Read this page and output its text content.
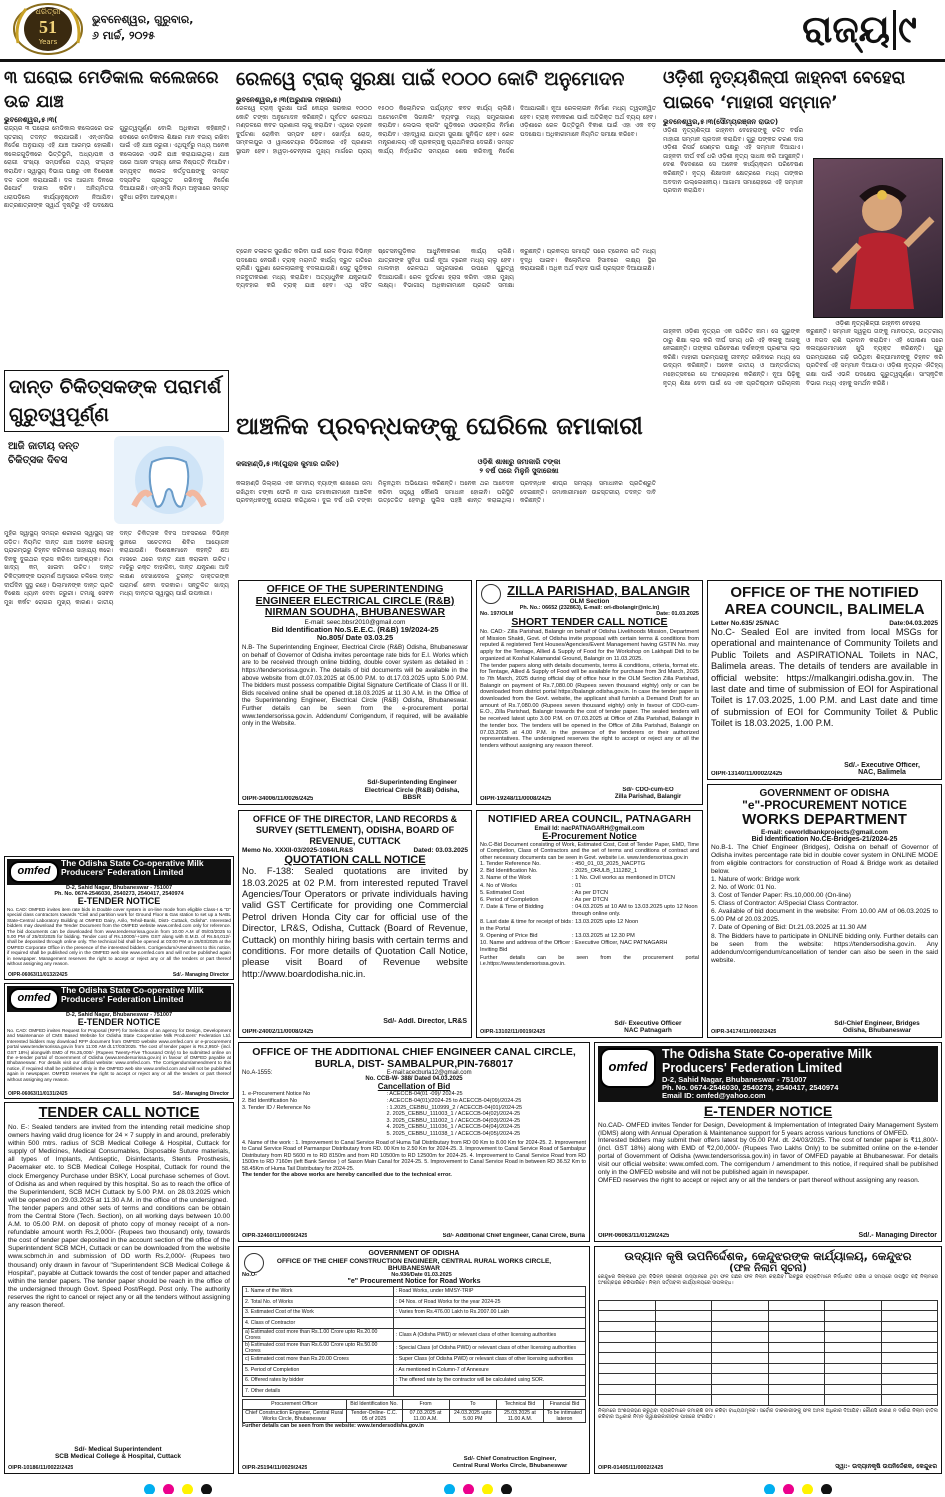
ଧରିତ୍ରୀ
51
Years
ଭୁବନେଶ୍ୱର, ଗୁରୁବାର,
୬ ମାର୍ଚ୍ଚ, ୨୦୨୫	ରାଜ୍ୟ ୯
୩ ଘରୋଇ ମେଡିକାଲ କଲେଜରେ ଉଚ୍ଚ ଯାଞ୍ଚ
ଭୁବନେଶ୍ୱର,୫।୩(
ରାଜ୍ୟର ୩ ଘରୋଇ ମେଡିକାଲ କଲେଜରେ ଉଚ୍ଚ ସ୍ତରୀୟ ତଦନ୍ତ କରାଯାଉଛି। ଏନ୍ଏମସିର ନିର୍ଦ୍ଦେଶ ଅନୁଯାୟୀ ଏହି ଯାଞ୍ଚ ଆରମ୍ଭ ହୋଇଛି। କଲେଜଗୁଡ଼ିକରେ ଭିତ୍ତିଭୂମି, ଅଧ୍ୟାପକ ଓ ରୋଗୀ ସଂଖ୍ୟା ସମ୍ପର୍କରେ ତଥ୍ୟ ସଂଗ୍ରହ କରାଯିବ। ସ୍ୱାସ୍ଥ୍ୟ ବିଭାଗ ପକ୍ଷରୁ ଏକ ବିଶେଷଜ୍ଞ ଦଳ ଗଠନ କରାଯାଇଛି। ଦଳ ଆଗାମୀ ଦିନରେ ରିପୋର୍ଟ ଦାଖଲ କରିବ। ଅନିୟମିତତା ଧରାପଡ଼ିଲେ କାର୍ଯ୍ୟାନୁଷ୍ଠାନ ନିଆଯିବ। ଛାତ୍ରଛାତ୍ରୀଙ୍କ ସ୍ୱାର୍ଥ ଦୃଷ୍ଟିରୁ ଏହି ପଦକ୍ଷେପ ଗୁରୁତ୍ୱପୂର୍ଣ୍ଣ ବୋଲି ଅଧିକାରୀ କହିଛନ୍ତି। ଦେଶରେ ମେଡିକାଲ ଶିକ୍ଷାର ମାନ ବଜାୟ ରଖିବା ପାଇଁ ଏହି ଯାଞ୍ଚ ଜରୁରୀ। ଏଥିପୂର୍ବରୁ ମଧ୍ୟ ଅନେକ କଲେଜରେ ଏଭଳି ଯାଞ୍ଚ କରାଯାଇଥିଲା। ଯାଞ୍ଚ ପରେ ଆସନ ସଂଖ୍ୟା ନେଇ ନିଷ୍ପତ୍ତି ନିଆଯିବ। ସମ୍ପୃକ୍ତ କଲେଜ କର୍ତ୍ତୃପକ୍ଷଙ୍କୁ ସମସ୍ତ ଦସ୍ତାବିଜ ପ୍ରସ୍ତୁତ ରଖିବାକୁ ନିର୍ଦ୍ଦେଶ ଦିଆଯାଇଛି। ଏନ୍ଏମସି ନିୟମ ଅନୁସାରେ ସମସ୍ତ ସୁବିଧା ରହିବା ଆବଶ୍ୟକ।
ରେଳୱେ ଟ୍ରାକ୍ ସୁରକ୍ଷା ପାଇଁ ୧୦୦୦ କୋଟି ଅନୁମୋଦନ
ଭୁବନେଶ୍ୱର,୫।୩(ଅରୁଣାଭ ମହାରଣା)
ରେଳୱେ ଟ୍ରାକ୍ ସୁରକ୍ଷା ପାଇଁ କେନ୍ଦ୍ର ସରକାର ୧୦୦୦ କୋଟି ଟଙ୍କା ଅନୁମୋଦନ କରିଛନ୍ତି। ପୂର୍ବତଟ ରେଳପଥ ମଣ୍ଡଳରେ କବଚ ପ୍ରଣାଳୀ ଲାଗୁ କରାଯିବ। ଏଥିରେ ଟ୍ରେନ ଦୁର୍ଘଟଣା ରୋକିବା ସମ୍ଭବ ହେବ। ଖୋର୍ଦ୍ଧା ରୋଡ୍, ସମ୍ବଲପୁର ଓ ୱାଲଟେୟାର ଡିଭିଜନରେ ଏହି ପ୍ରଣାଳୀ ସ୍ଥାପନ ହେବ। ହାୱଡ଼ା-ଚେନ୍ନାଇ ମୁଖ୍ୟ ମାର୍ଗରେ ପ୍ରାୟ ୧୫୦୦ କିଲୋମିଟର ପର୍ଯ୍ୟନ୍ତ କବଚ କାର୍ଯ୍ୟ ଚାଲିଛି। ଅଟୋମେଟିକ ସିଗନାଲିଂ ବ୍ୟବସ୍ଥା ମଧ୍ୟ ସମ୍ପ୍ରସାରଣ କରାଯିବ। ଲେଭଲ କ୍ରସିଂ ଗୁଡ଼ିକରେ ଓଭରବ୍ରିଜ ନିର୍ମାଣ କରାଯିବ। ଏହାଦ୍ୱାରା ଯାତ୍ରୀ ସୁରକ୍ଷା ସୁନିଶ୍ଚିତ ହେବ। ରେଳ ମନ୍ତ୍ରଣାଳୟ ଏହି ପ୍ରକଳ୍ପକୁ ପ୍ରାଥମିକତା ଦେଇଛି। ସମସ୍ତ କାର୍ଯ୍ୟ ନିର୍ଦ୍ଧାରିତ ସମୟରେ ଶେଷ କରିବାକୁ ନିର୍ଦ୍ଦେଶ ଦିଆଯାଇଛି। ନୂଆ ରେଳଲାଇନ ନିର୍ମାଣ ମଧ୍ୟ ତ୍ୱରାନ୍ୱିତ ହେବ। ଟ୍ରାକ୍ ନବୀକରଣ ପାଇଁ ଅତିରିକ୍ତ ଅର୍ଥ ବ୍ୟୟ ହେବ। ଓଡ଼ିଶାରେ ରେଳ ଭିତ୍ତିଭୂମି ବିକାଶ ପାଇଁ ଏହା ଏକ ବଡ଼ ପଦକ୍ଷେପ। ଅଧିକାରୀମାନେ ନିୟମିତ ସମୀକ୍ଷା କରିବେ।
ଓଡ଼ିଶୀ ନୃତ୍ୟଶିଳ୍ପୀ ଜାହ୍ନବୀ ବେହେରା ପାଇବେ ‘ମାହାରୀ ସମ୍ମାନ’
ଭୁବନେଶ୍ୱର,୫।୩(ସୌମ୍ୟରଞ୍ଜନ ରାଉତ)
ଓଡ଼ିଶୀ ନୃତ୍ୟଶିଳ୍ପୀ ଜାହ୍ନବୀ ବେହେରାଙ୍କୁ ଚଳିତ ବର୍ଷର ମାହାରୀ ସମ୍ମାନ ପ୍ରଦାନ କରାଯିବ। ଗୁରୁ ପଙ୍କଜ ଚରଣ ଦାସ ଓଡ଼ିଶୀ ରିସର୍ଚ୍ଚ ସେଣ୍ଟର ପକ୍ଷରୁ ଏହି ସମ୍ମାନ ଦିଆଯାଏ। ଜାହ୍ନବୀ ଦୀର୍ଘ ବର୍ଷ ଧରି ଓଡ଼ିଶୀ ନୃତ୍ୟ ସାଧନା କରି ଆସୁଛନ୍ତି। ଦେଶ ବିଦେଶରେ ସେ ଅନେକ କାର୍ଯ୍ୟକ୍ରମ ପରିବେଷଣ କରିଛନ୍ତି। ନୃତ୍ୟ ଶିକ୍ଷାଦାନ କ୍ଷେତ୍ରରେ ମଧ୍ୟ ତାଙ୍କର ଅବଦାନ ଉଲ୍ଲେଖନୀୟ। ଆଗାମୀ ସମାରୋହରେ ଏହି ସମ୍ମାନ ପ୍ରଦାନ କରାଯିବ।
ଓଡ଼ିଶୀ ନୃତ୍ୟଶିଳ୍ପୀ ଜାହ୍ନବୀ ବେହେରା
ଜାହ୍ନବୀ ଓଡ଼ିଶୀ ନୃତ୍ୟର ଏକ ପରିଚିତ ନାମ। ସେ ଗୁରୁଙ୍କ ଠାରୁ ଶିକ୍ଷା ଲାଭ କରି ଦୀର୍ଘ ସମୟ ଧରି ଏହି କଳାକୁ ଆଗକୁ ନେଇଛନ୍ତି। ତାଙ୍କର ପରିବେଷଣ ଦର୍ଶକଙ୍କ ପ୍ରଶଂସା ଲାଭ କରିଛି। ମାହାରୀ ପରମ୍ପରାକୁ ଜୀବନ୍ତ ରଖିବାରେ ମଧ୍ୟ ସେ ଉଦ୍ୟମ କରିଛନ୍ତି। ଅନେକ ଜାତୀୟ ଓ ଆନ୍ତର୍ଜାତୀୟ ମହୋତ୍ସବରେ ସେ ଅଂଶଗ୍ରହଣ କରିଛନ୍ତି। ନୂଆ ପିଢ଼ିକୁ ନୃତ୍ୟ ଶିକ୍ଷା ଦେବା ପାଇଁ ସେ ଏକ ପ୍ରତିଷ୍ଠାନ ପରିଚାଳନା କରୁଛନ୍ତି। ସମ୍ମାନ ସ୍ୱରୂପ ତାଙ୍କୁ ମାନପତ୍ର, ଉତ୍ତରୀୟ ଓ ନଗଦ ରାଶି ପ୍ରଦାନ କରାଯିବ। ଏହି ଘୋଷଣା ପରେ କଳାପ୍ରେମୀମାନେ ଖୁସି ବ୍ୟକ୍ତ କରିଛନ୍ତି। ଗୁରୁ ପରମ୍ପରାରେ ଗଢ଼ି ଉଠିଥିବା ଶିଳ୍ପୀମାନଙ୍କୁ ଚିହ୍ନଟ କରି ପ୍ରତିବର୍ଷ ଏହି ସମ୍ମାନ ଦିଆଯାଏ। ଓଡ଼ିଶୀ ନୃତ୍ୟର ଐତିହ୍ୟ ରକ୍ଷା ପାଇଁ ଏଭଳି ପଦକ୍ଷେପ ଗୁରୁତ୍ୱପୂର୍ଣ୍ଣ। ସାଂସ୍କୃତିକ ବିଭାଗ ମଧ୍ୟ ଏହାକୁ ସମର୍ଥନ କରିଛି।
ଦାନ୍ତ ଚିକିତ୍ସକଙ୍କ ପରାମର୍ଶ ଗୁରୁତ୍ୱପୂର୍ଣ୍ଣ
ଆଜି ଜାତୀୟ ଦନ୍ତ ଚିକିତ୍ସକ ଦିବସ
ମୁହଁର ସ୍ୱାସ୍ଥ୍ୟ ସମଗ୍ର ଶରୀରର ସ୍ୱାସ୍ଥ୍ୟ ସହ ଜଡ଼ିତ। ନିୟମିତ ଦାନ୍ତ ଯାଞ୍ଚ ଅନେକ ରୋଗକୁ ପ୍ରାରମ୍ଭରୁ ଚିହ୍ନଟ କରିବାରେ ସାହାଯ୍ୟ କରେ। ଦିନକୁ ଦୁଇଥର ବ୍ରସ କରିବା ଆବଶ୍ୟକ। ମିଠା ଖାଦ୍ୟ କମ୍ ଖାଇବା ଉଚିତ। ଦାନ୍ତ ଚିକିତ୍ସକଙ୍କ ପରାମର୍ଶ ଅନୁସାରେ ଚଳିଲେ ଦାନ୍ତ ଦୀର୍ଘଦିନ ସୁସ୍ଥ ରହେ। ପିଲାମାନଙ୍କ ଦାନ୍ତ ପ୍ରତି ବିଶେଷ ଧ୍ୟାନ ଦେବା ଜରୁରୀ। ତମାଖୁ ସେବନ ମୁଖ କର୍କଟ ରୋଗର ମୁଖ୍ୟ କାରଣ। ଜାତୀୟ ଦନ୍ତ ଚିକିତ୍ସକ ଦିବସ ଅବସରରେ ବିଭିନ୍ନ ସ୍ଥାନରେ ସଚେତନତା ଶିବିର ଆୟୋଜନ କରାଯାଉଛି। ବିଶେଷଜ୍ଞମାନେ କହନ୍ତି ଛଅ ମାସରେ ଥରେ ଦାନ୍ତ ଯାଞ୍ଚ କରାଇବା ଉଚିତ। ମାଢ଼ିରୁ ରକ୍ତ ବାହାରିବା, ଦାନ୍ତ ଯନ୍ତ୍ରଣା ଆଦି ଲକ୍ଷଣ ଦେଖାଦେଲେ ତୁରନ୍ତ ଡାକ୍ତରଙ୍କ ପରାମର୍ଶ ନେବା ଦରକାର। ସନ୍ତୁଳିତ ଖାଦ୍ୟ ମଧ୍ୟ ଦାନ୍ତର ସ୍ୱାସ୍ଥ୍ୟ ପାଇଁ ଉପକାରୀ।
ଆଞ୍ଚଳିକ ପ୍ରବନ୍ଧକଙ୍କୁ ଘେରିଲେ ଜମାକାରୀ
କଳାହାଣ୍ଡି,୫।୩(ଗୁରାକ କୁମାର ଗରିବ)	ଓଡ଼ିଶି ଶାଖାରୁ ଜମାକାରି ଟଙ୍କା
୨ ବର୍ଷ ପରେ ମିଳୁନି ସୁଦାରେଖା
ଟ୍ରେନ ଚଳାଚଳ ସୁରକ୍ଷିତ କରିବା ପାଇଁ ରେଳ ବିଭାଗ ବିଭିନ୍ନ ପଦକ୍ଷେପ ନେଉଛି। ଟ୍ରାକ୍ ମରାମତି କାର୍ଯ୍ୟ ଦ୍ରୁତ ଗତିରେ ଚାଲିଛି। ପୁରୁଣା ରେଳଲାଇନକୁ ବଦଳାଯାଉଛି। ସେତୁ ଗୁଡ଼ିକର ମଜବୁତୀକରଣ ମଧ୍ୟ କରାଯିବ। ଅତ୍ୟାଧୁନିକ ଯନ୍ତ୍ରପାତି ବ୍ୟବହାର କରି ଟ୍ରାକ୍ ଯାଞ୍ଚ ହେବ। ଏଥି ସହିତ ଷ୍ଟେସନଗୁଡ଼ିକର ଆଧୁନିକୀକରଣ କାର୍ଯ୍ୟ ଚାଲିଛି। ଯାତ୍ରୀଙ୍କ ସୁବିଧା ପାଇଁ ନୂଆ ଟ୍ରେନ ମଧ୍ୟ ଚାଲୁ ହେବ। ମାଲବାହୀ ରେଳପଥ ସମ୍ପ୍ରସାରଣ ଉପରେ ଗୁରୁତ୍ୱ ଦିଆଯାଉଛି। ରେଳ ଦୁର୍ଘଟଣା ହ୍ରାସ କରିବା ଏହାର ମୁଖ୍ୟ ଲକ୍ଷ୍ୟ। ବିଭାଗୀୟ ଅଧିକାରୀମାନେ ପ୍ରଗତି ସମୀକ୍ଷା କରୁଛନ୍ତି। ପ୍ରକଳ୍ପ ସମାପ୍ତି ପରେ ଟ୍ରେନର ଗତି ମଧ୍ୟ ବୃଦ୍ଧି ପାଇବ। କିଲୋମିଟର ହିସାବରେ ଲକ୍ଷ୍ୟ ସ୍ଥିର କରାଯାଇଛି। ଅଧିକ ଅର୍ଥ ବରାଦ ପାଇଁ ପ୍ରସ୍ତାବ ଦିଆଯାଇଛି।
କଳାହାଣ୍ଡି ଜିଲ୍ଲାର ଏକ ସମବାୟ ବ୍ୟାଙ୍କ ଶାଖାରେ ଜମା ରଖିଥିବା ଟଙ୍କା ଫେରି ନ ପାଇ ଜମାକାରୀମାନେ ଆଞ୍ଚଳିକ ପ୍ରବନ୍ଧକଙ୍କୁ ଘେରାଉ କରିଥିଲେ। ଦୁଇ ବର୍ଷ ଧରି ଟଙ୍କା ମିଳୁନଥିବା ଅଭିଯୋଗ କରିଛନ୍ତି। ଅନେକ ଥର ଆବେଦନ କରିବା ସତ୍ତ୍ୱେ କୌଣସି ସମାଧାନ ହୋଇନି। ପରିସ୍ଥିତି ଉତ୍ତେଜିତ ହେବାରୁ ପୁଲିସ ପହଞ୍ଚି ଶାନ୍ତ କରାଇଥିଲା। ପ୍ରବନ୍ଧକ ଶୀଘ୍ର ସମସ୍ୟା ସମାଧାନର ପ୍ରତିଶ୍ରୁତି ଦେଇଛନ୍ତି। ଜମାକାରୀମାନେ ଉଚ୍ଚସ୍ତରୀୟ ତଦନ୍ତ ଦାବି କରିଛନ୍ତି।
OFFICE OF THE SUPERINTENDING ENGINEER ELECTRICAL CIRCLE (R&B)
NIRMAN SOUDHA, BHUBANESWAR
E-mail: seec.bbsr2010@gmail.com
Bid Identification No.S.E.E.C. (R&B) 19/2024-25
No.805/ Date 03.03.25
N.B- The Superintending Engineer, Electrical Circle (R&B) Odisha, Bhubaneswar on behalf of Governor of Odisha invites percentage rate bids for E.I. Works which are to be received through online bidding, double cover system as detailed in : https://tendersorissa.gov.in. The details of bid documents will be available in the above website from dt.07.03.2025 at 05.00 P.M. to dt.17.03.2025 upto 5.00 P.M. The bidders must possess compatible Digital Signature Certificate of Class II or III. Bids received online shall be opened dt.18.03.2025 at 11.30 A.M. in the Office of the Superintending Engineer, Electrical Circle (R&B) Odisha, Bhubaneswar. Further details can be seen from the e-procurement portal www.tendersorissa.gov.in. Addendum/ Corrigendum, if required, will be available only in the Website.
OIPR-34006/11/0026/2425
Sd/-Superintending Engineer
Electrical Circle (R&B) Odisha, BBSR
ZILLA PARISHAD, BALANGIR
OLM Section
Ph. No.: 06652 (232863), E-mail: ori-dbolangir@nic.in)
No. 197/OLM	Date: 01.03.2025
SHORT TENDER CALL NOTICE
No. CAD:- Zilla Parishad, Balangir on behalf of Odisha Livelihoods Mission, Department of Mission Shakti, Govt. of Odisha invite proposal with certain terms & conditions from reputed & registered Tent Houses/Agencies/Event Management having GSTIN No. may apply for the Tentage, Allied & Supply of Food for the Workshop on Lakhpati Didi to be organized at Koshal Kalamandal Ground, Balangir on 11.03.2025.
The tender papers along with details documents, terms & conditions, criteria, format etc. for Tentage, Allied & Supply of Food will be available for purchase from 3rd March, 2025 to 7th March, 2025 during official day of office hour in the OLM Section Zilla Parishad, Balangir on payment of Rs.7,080.00 (Rupees seven thousand eighty) only or can be downloaded from district portal https://balangir.odisha.gov.in. In case the tender paper is downloaded from the Govt. website, the applicant shall furnish a Demand Draft for an amount of Rs.7,080.00 (Rupees seven thousand eighty) only in favour of CDO-cum-E.O., Zilla Parishad, Balangir towards the cost of tender paper. The sealed tenders will be received latest upto 3.00 P.M. on 07.03.2025 at Office of Zilla Parishad, Balangir in the tender box. The tenders will be opened in the Office of Zilla Parishad, Balangir on 07.03.2025 at 4.00 P.M. in the presence of the tenderers or their authorized representatives. The undersigned reserves the right to accept or reject any or all the tenders without assigning any reason thereof.
OIPR-19248/11/0008/2425
Sd/- CDO-cum-EO
Zilla Parishad, Balangir
OFFICE OF THE NOTIFIED AREA COUNCIL, BALIMELA
Letter No.635/ 25/NAC	Date:04.03.2025
No.C- Sealed EoI are invited from local MSGs for operational and maintenance of Community Toilets and Public Toilets and ASPIRATIONAL Toilets in NAC, Balimela areas. The details of tenders are available in official website: https://malkangiri.odisha.gov.in. The last date and time of submission of EOI for Aspirational Toilet is 17.03.2025, 1.00 P.M. and Last date and time of submission of EOI for Community Toilet & Public Toilet is 18.03.2025, 1.00 P.M.
OIPR-13140/11/0002/2425
Sd/.- Executive Officer,
NAC, Balimela
omfed
The Odisha State Co-operative Milk Producers' Federation Limited
D-2, Sahid Nagar, Bhubaneswar - 751007
Ph. No. 0674-2546030, 2540273, 2540417, 2540974
E-TENDER NOTICE
No. CAD: OMFED invites item rate bids in Double cover system in on-line mode from eligible Class-I & "D" special class contractors towards "Civil and partition work for Ground Floor & Gas station to set up a NABL State-Central Laboratory Building at OMFED Dairy, Arilo, Tehsil-Banki, Distt- Cuttack, Odisha". Interested bidders may download the Tender Document from the OMFED website www.omfed.com only for reference. The bid documents can be downloaded from www.tendersorissa.gov.in from 10.00 A.M of 05/03/2025 to 5.00 PM of 25/03/2025 for bidding. Tender cost of Rs.10000/-+18% GST along with E.M.D. of Rs.54,012/- shall be deposited through online only. The technical bid shall be opened at 03:00 PM on 26/03/2025 at the OMFED Corporate Office in the presence of the interested bidders. Corrigendum/Amendment to this notice, if required shall be published only in the OMFED web site www.omfed.com and will not be published again in newspaper. Management reserves the right to accept or reject any or all the tenders or part thereof without assigning any reason.
OIPR-06063/11/0132/2425	Sd/.- Managing Director
omfed
The Odisha State Co-operative Milk Producers' Federation Limited
D-2, Sahid Nagar, Bhubaneswar - 751007
E-TENDER NOTICE
No. CAD: OMFED invites Request for Proposal (RFP) for Selection of an agency for Design, Development and Maintenance of CMS Based Website for Odisha State Cooperative Milk Producers' Federation Ltd. Interested bidders may download RFP document from OMFED website www.omfed.com or e-procurement portal www.tendersorissa.gov.in from 11:00 AM dt.17/03/2025. The cost of tender paper is Rs.2,950/- (incl. GST 18%) alongwith EMD of Rs.25,000/- (Rupees Twenty-Five Thousand Only) to be submitted online on the e-tender portal of Government of Odisha (www.tendersorissa.gov.in) in favour of OMFED payable at Bhubaneswar. For details visit our official website: www.omfed.com. The Corrigendum/amendment to this notice, if required shall be published only in the OMFED web site www.omfed.com and will not be published again in newspaper. OMFED reserves the right to accept or reject any or all the tenders or part thereof without assigning any reason.
OIPR-06063/11/0131/2425	Sd/.- Managing Director
OFFICE OF THE DIRECTOR, LAND RECORDS & SURVEY (SETTLEMENT), ODISHA, BOARD OF REVENUE, CUTTACK
Memo No. XXXII-03/2025-1084/LR&S	Dated: 03.03.2025
QUOTATION CALL NOTICE
No. F-138: Sealed quotations are invited by 18.03.2025 at 02 P.M. from interested reputed Travel Agencies/Tour Operators or private individuals having valid GST Certificate for providing one Commercial Petrol driven Honda City car for official use of the Director, LR&S, Odisha, Cuttack (Board of Revenue, Cuttack) on monthly hiring basis with certain terms and conditions. For more details of Quotation Call Notice, please visit Board of Revenue website http://www.boardodisha.nic.in.
OIPR-24002/11/0008/2425
Sd/- Addl. Director, LR&S
NOTIFIED AREA COUNCIL, PATNAGARH
Email Id: nacPATNAGARH@gmail.com
E-Procurement Notice
No.C-Bid Document consisting of Work, Estimated Cost, Cost of Tender Paper, EMD, Time of Completion, Class of Contractors and the set of terms and conditions of contract and other necessary documents can be seen in Govt. website i.e. www.tendersorissa.gov.in
1. Tender Reference No.	: 450_01_03_2025_NACPTG
2. Bid Identification No.	: 2025_ORULB_111282_1
3. Name of the Work	: 1 No. Civil works as mentioned in DTCN
4. No of Works	: 01
5. Estimated Cost	: As per DTCN
6. Period of Completion	: As per DTCN
7. Date & Time of Bidding	: 04.03.2025 at 10 AM to 13.03.2025 upto 12 Noon through online only.
8. Last date & time for receipt of bids in the Portal
: 13.03.2025 upto 12 Noon
9. Opening of Price Bid	: 13.03.2025 at 12.30 PM
10. Name and address of the Officer Inviting Bid
: Executive Officer, NAC PATNAGARH
Further details can be seen from the procurement portal i.e.https://www.tendersorissa.gov.in.
OIPR-13102/11/0019/2425
Sd/- Executive Officer
NAC Patnagarh
GOVERNMENT OF ODISHA
"e"-PROCUREMENT NOTICE
WORKS DEPARTMENT
E-mail: ceworldbankprojects@gmail.com
Bid Identification No.CE-Bridges-21/2024-25
No.B-1. The Chief Engineer (Bridges), Odisha on behalf of Governor of Odisha invites percentage rate bid in double cover system in ONLINE MODE from eligible contractors for construction of Road & Bridge work as detailed below.
1. Nature of work: Bridge work
2. No. of Work: 01 No.
3. Cost of Tender Paper: Rs.10,000.00 (On-line)
5. Class of Contractor: A/Special Class Contractor.
6. Available of bid document in the website: From 10.00 AM of 06.03.2025 to 5.00 PM of 20.03.2025.
7. Date of Opening of Bid: Dt.21.03.2025 at 11.30 AM
8. The Bidders have to participate in ONLINE bidding only. Further details can be seen from the website: https://tendersodisha.gov.in. Any addendum/corrigendum/cancellation of tender can also be seen in the said website.
OIPR-34174/11/0002/2425
Sd/-Chief Engineer, Bridges
Odisha, Bhubaneswar
OFFICE OF THE ADDITIONAL CHIEF ENGINEER CANAL CIRCLE, BURLA, DIST- SAMBALPUR,PIN-768017
No.A-1555:	E-mail:acecburla12@gmail.com
No. CCB-W- 388/ Dated 04.03.2025
Cancellation of Bid
1. e-Procurement Notice No	: ACECCB-04(01 -09)/ 2024-25
2. Bid Identification No	: ACECCB-04(01)/2024-25 to ACECCB-04(09)/2024-25
3. Tender ID / Reference No	: 1.2025_CEBBU_110999_2 / ACECCB-04(01)/2024-25
2. 2025_CEBBU_111003_1 / ACECCB-04(02)/2024-25
3. 2025_CEBBU_111002_1 / ACECCB-04(03)/2024-25
4. 2025_CEBBU_111036_1 / ACECCB-04(04)/2024-25
5. 2025_CEBBU_111038_1 / ACECCB-04(05)/2024-25
4. Name of the work : 1. Improvement to Canal Service Road of Huma Tail Distributary from RD 00 Km to 8.00 Km for 2024-25. 2. Improvement to Canal Service Road of Parmanpur Distributary from RD. 00 Km to 2.50 Km for 2024-25. 3. Improvement to Canal Service Road of Sambalpur Distributary from RD 5600 m to RD 8150m and from RD 10500m to RD 12500m for 2024-25. 4. Improvement to Canal Service Road from RD 1500m to RD 7160m (left Bank Service ) of Sason Main Canal for 2024-25. 5. Improvement to Canal Service Road in between RD 36.52 Km to 58.45Km of Huma Tail Distributary for 2024-25.
The tender for the above works are hereby cancelled due to the technical error.
OIPR-32460/11/0009/2425	Sd/- Additional Chief Engineer, Canal Circle, Burla
omfed
The Odisha State Co-operative Milk Producers' Federation Limited
D-2, Sahid Nagar, Bhubaneswar - 751007
Ph. No. 0674-2546030, 2540273, 2540417, 2540974
Email ID: omfed@yahoo.com
E-TENDER NOTICE
No.CAD- OMFED invites Tender for Design, Development & Implementation of Integrated Dairy Management System (IDMS) along with Annual Operation & Maintenance support for 5 years across various functions of OMFED.
Interested bidders may submit their offers latest by 05.00 P.M. dt. 24/03/2025. The cost of tender paper is ₹11,800/- (incl. GST 18%) along with EMD of ₹2,00,000/- (Rupees Two Lakhs Only) to be submitted online on the e-tender portal of Government of Odisha (www.tendersorissa.gov.in) in favor of OMFED payable at Bhubaneswar. For details visit our official website: www.omfed.com. The corrigendum / amendment to this notice, if required shall be published only in the OMFED website and will not be published again in newspaper.
OMFED reserves the right to accept or reject any or all the tenders or part thereof without assigning any reason.
OIPR-06063/11/0129/2425	Sd/.- Managing Director
TENDER CALL NOTICE
No. E-: Sealed tenders are invited from the intending retail medicine shop owners having valid drug licence for 24 × 7 supply in and around, preferably within 500 mtrs. radius of SCB Medical College & Hospital, Cuttack for supply of Medicines, Medical Consumables, Disposable Suture materials, all types of Implants, Antiseptic, Disinfectants, Stents Prosthesis, Pacemaker etc. to SCB Medical College Hospital, Cuttack for round the clock Emergency Purchase under BSKY, Local purchase schemes of Govt. of Odisha as and when required by this hospital. So as to reach the office of the Superintendent, SCB MCH Cuttack by 5.00 P.M. on 28.03.2025 which will be opened on 29.03.2025 at 11.30 A.M. in the office of the undersigned.
The tender papers and other sets of terms and conditions can be obtain from the Central Store (Tech. Section), on all working days between 10.00 A.M. to 05.00 P.M. on deposit of photo copy of money receipt of a non-refundable amount worth Rs.2,000/- (Rupees two thousand) only, towards the cost of tender paper deposited in the account section of the office of the Superintendent SCB MCH, Cuttack or can be downloaded from the website www.scbmch.in and submission of DD worth Rs.2,000/- (Rupees two thousand) only drawn in favour of "Superintendent SCB Medical College & Hospital", payable at Cuttack towards the cost of tender paper and attached within the tender papers. The tender paper should be reach in the office of the undersigned through Govt. Speed Post/Regd. Post only. The authority reserves the right to cancel or reject any or all the tenders without assigning any reason thereof.
Sd/- Medical Superintendent
SCB Medical College & Hospital, Cuttack
OIPR-10186/11/0022/2425
GOVERNMENT OF ODISHA
OFFICE OF THE CHIEF CONSTRUCTION ENGINEER, CENTRAL RURAL WORKS CIRCLE, BHUBANESWAR
No.O-	No.936/Date 01.03.2025
"e" Procurement Notice for Road Works
1. Name of the Work	: Road Works, under MMSY-TRIP
2. Total No. of Works	: 04 Nos. of Road Works for the year 2024-25
3. Estimated Cost of the Work	: Varies from Rs.476.00 Lakh to Rs.2007.00 Lakh
4. Class of Contractor	
a) Estimated cost more than Rs.1.00 Crore upto Rs.20.00 Crores	: Class A (Odisha PWD) or relevant class of other licensing authorities
b) Estimated cost more than Rs.6.00 Crore upto Rs.50.00 Crores	: Special Class (of Odisha PWD) or relevant class of other licensing authorities
c) Estimated cost more than Rs.20.00 Crores	: Super Class (of Odisha PWD) or relevant class of other licensing authorities
5. Period of Completion	: As mentioned in Column-7 of Annexure
6. Offered rates by bidder	: The offered rate by the contractor will be calculated using SOR.
7. Other details	
Procurement Officer	Bid Identification No.	From	To	Technical Bid	Financial Bid
Chief Construction Engineer, Central Rural Works Circle, Bhubaneswar	Tender-Online- C.C. 05 of 2025	07.03.2025 at 11.00 A.M.	24.03.2025 upto 5.00 PM	25.03.2025 at 11.00 A.M.	To be intimated lateron
Further details can be seen from the website: www.tendersodisha.gov.in
OIPR-25194/11/0029/2425
Sd/- Chief Construction Engineer,
Central Rural Works Circle, Bhubaneswar
ଉଦ୍ୟାନ କୃଷି ଉପନିର୍ଦ୍ଦେଶକ, କେନ୍ଦୁଝରଙ୍କ କାର୍ଯ୍ୟାଳୟ, କେନ୍ଦୁଝର
(ଫଳ ନିଲାମ ସୂଚନା)
କେନ୍ଦୁଝର ଜିଲ୍ଲାରେ ଥିବା ବିଭିନ୍ନ ସରକାରୀ ଉଦ୍ୟାନରେ ଥିବା ଫଳ ଗଛର ଫଳ ନିଲାମ କରାଯିବ। ଇଚ୍ଛୁକ ବ୍ୟକ୍ତିମାନେ ନିର୍ଦ୍ଧାରିତ ତାରିଖ ଓ ସମୟରେ ଉପସ୍ଥିତ ରହି ନିଲାମରେ ଅଂଶଗ୍ରହଣ କରିପାରିବେ। ନିଲାମ ସର୍ତ୍ତାବଳୀ କାର୍ଯ୍ୟାଳୟରେ ଉପଲବ୍ଧ।

ନିଲାମରେ ଅଂଶଗ୍ରହଣ କରୁଥିବା ବ୍ୟକ୍ତିମାନେ ଜମାରାଶି ଜମା କରିବା ବାଧ୍ୟତାମୂଳକ। ସର୍ବୋଚ୍ଚ ଡାକକାରୀଙ୍କୁ ଫଳ ଅମଳ ଅଧିକାର ଦିଆଯିବ। କୌଣସି କାରଣ ନ ଦର୍ଶାଇ ନିଲାମ ବାତିଲ କରିବାର ଅଧିକାର ନିମ୍ନ ସ୍ୱାକ୍ଷରକାରୀଙ୍କ ପାଖରେ ସଂରକ୍ଷିତ।
OIPR-01405/11/0002/2425	ସ୍ୱା:- ଉଦ୍ୟାନକୃଷି ଉପନିର୍ଦ୍ଦେଶକ, କେନ୍ଦୁଝର
